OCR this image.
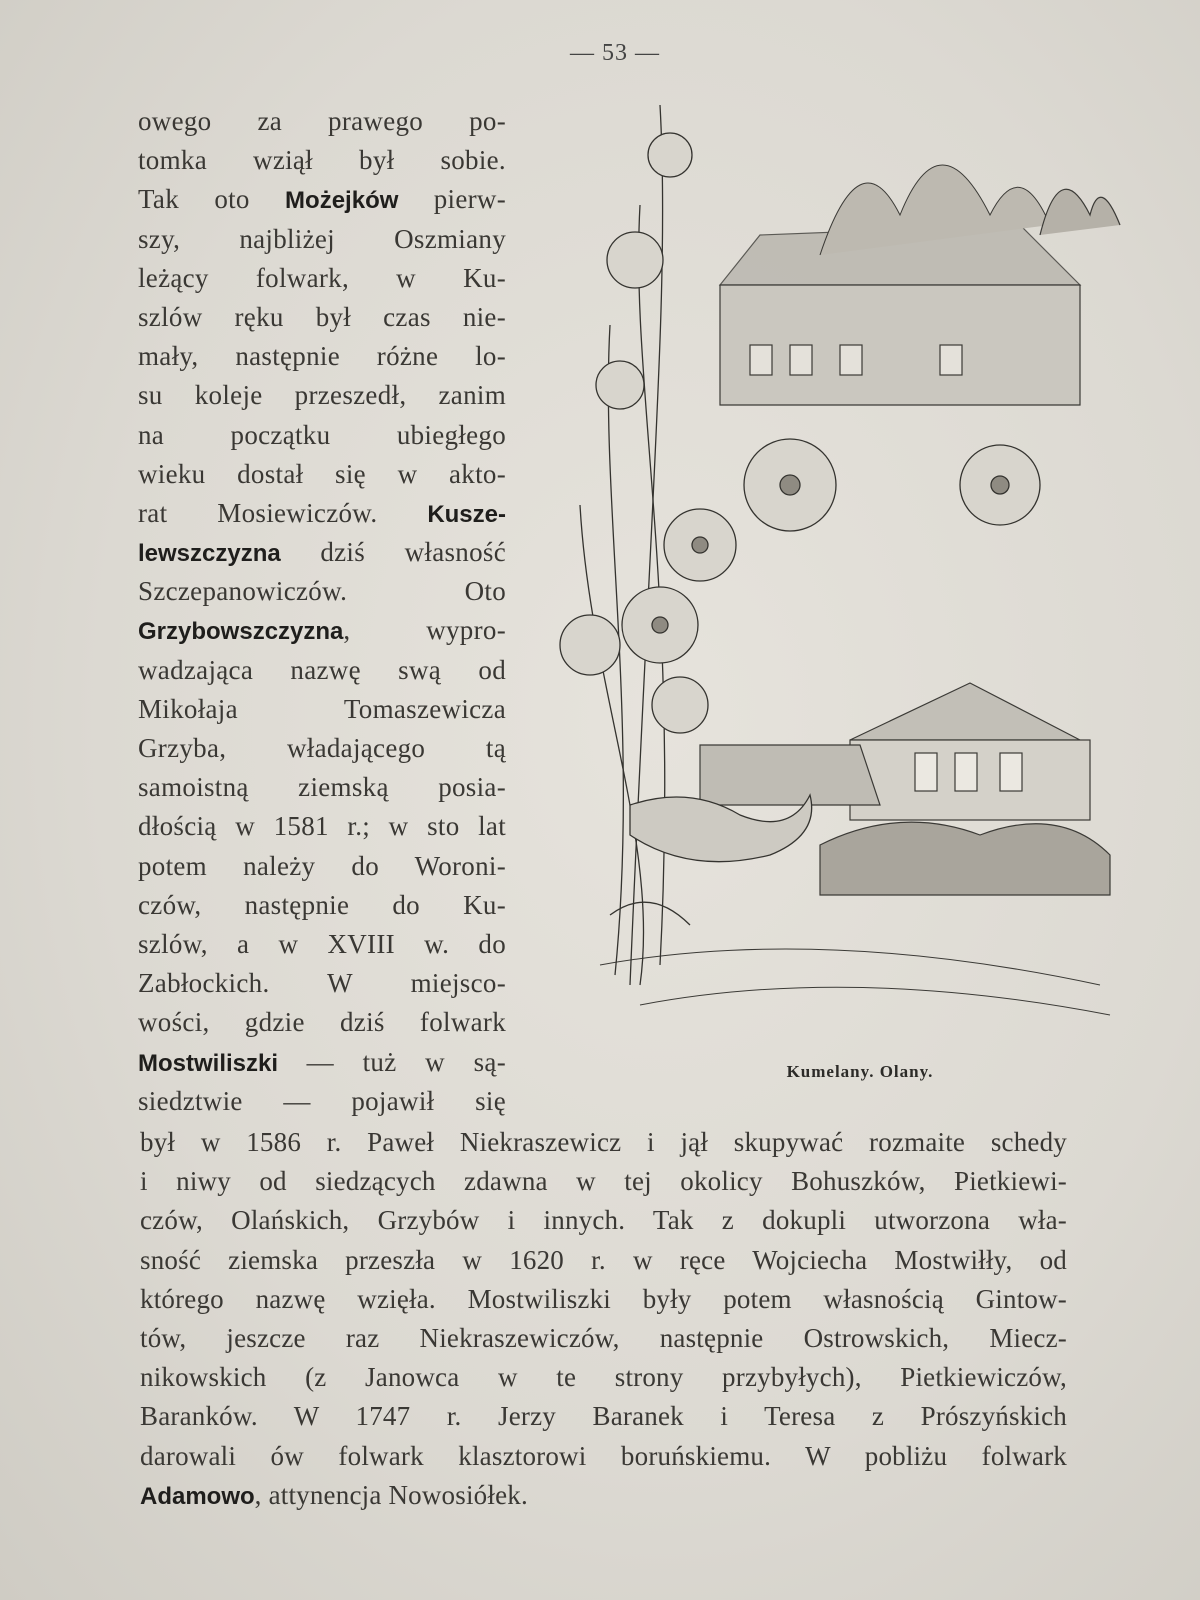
— 53 —
owego za prawego po-
tomka wziął był sobie.
Tak oto Możejków pierw-
szy, najbliżej Oszmiany
leżący folwark, w Ku-
szlów ręku był czas nie-
mały, następnie różne lo-
su koleje przeszedł, zanim
na początku ubiegłego
wieku dostał się w akto-
rat Mosiewiczów. Kusze-
lewszczyzna dziś własność
Szczepanowiczów. Oto
Grzybowszczyzna, wypro-
wadzająca nazwę swą od
Mikołaja Tomaszewicza
Grzyba, władającego tą
samoistną ziemską posia-
dłością w 1581 r.; w sto lat
potem należy do Woroni-
czów, następnie do Ku-
szlów, a w XVIII w. do
Zabłockich. W miejsco-
wości, gdzie dziś folwark
Mostwiliszki — tuż w są-
siedztwie — pojawił się
Kumelany. Olany.
był w 1586 r. Paweł Niekraszewicz i jął skupywać rozmaite schedy
i niwy od siedzących zdawna w tej okolicy Bohuszków, Pietkiewi-
czów, Olańskich, Grzybów i innych. Tak z dokupli utworzona wła-
sność ziemska przeszła w 1620 r. w ręce Wojciecha Mostwiłły, od
którego nazwę wzięła. Mostwiliszki były potem własnością Gintow-
tów, jeszcze raz Niekraszewiczów, następnie Ostrowskich, Miecz-
nikowskich (z Janowca w te strony przybyłych), Pietkiewiczów,
Baranków. W 1747 r. Jerzy Baranek i Teresa z Prószyńskich
darowali ów folwark klasztorowi boruńskiemu. W pobliżu folwark
Adamowo, attynencja Nowosiółek.
